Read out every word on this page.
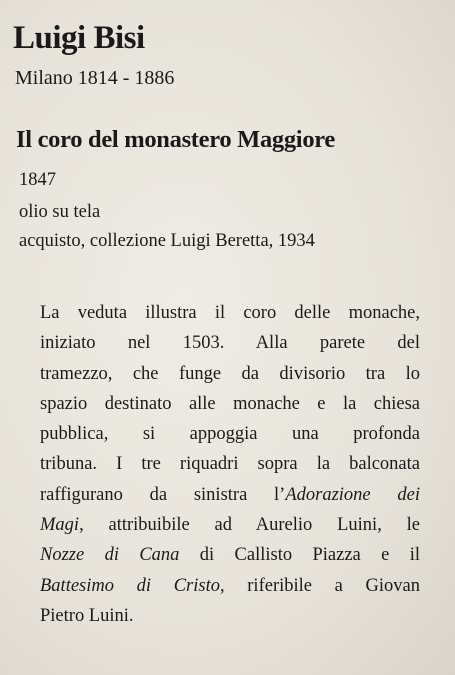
Luigi Bisi
Milano 1814 - 1886
Il coro del monastero Maggiore
1847
olio su tela
acquisto, collezione Luigi Beretta, 1934
La veduta illustra il coro delle monache,
iniziato nel 1503. Alla parete del
tramezzo, che funge da divisorio tra lo
spazio destinato alle monache e la chiesa
pubblica, si appoggia una profonda
tribuna. I tre riquadri sopra la balconata
raffigurano da sinistra l’Adorazione dei
Magi, attribuibile ad Aurelio Luini, le
Nozze di Cana di Callisto Piazza e il
Battesimo di Cristo, riferibile a Giovan
Pietro Luini.
